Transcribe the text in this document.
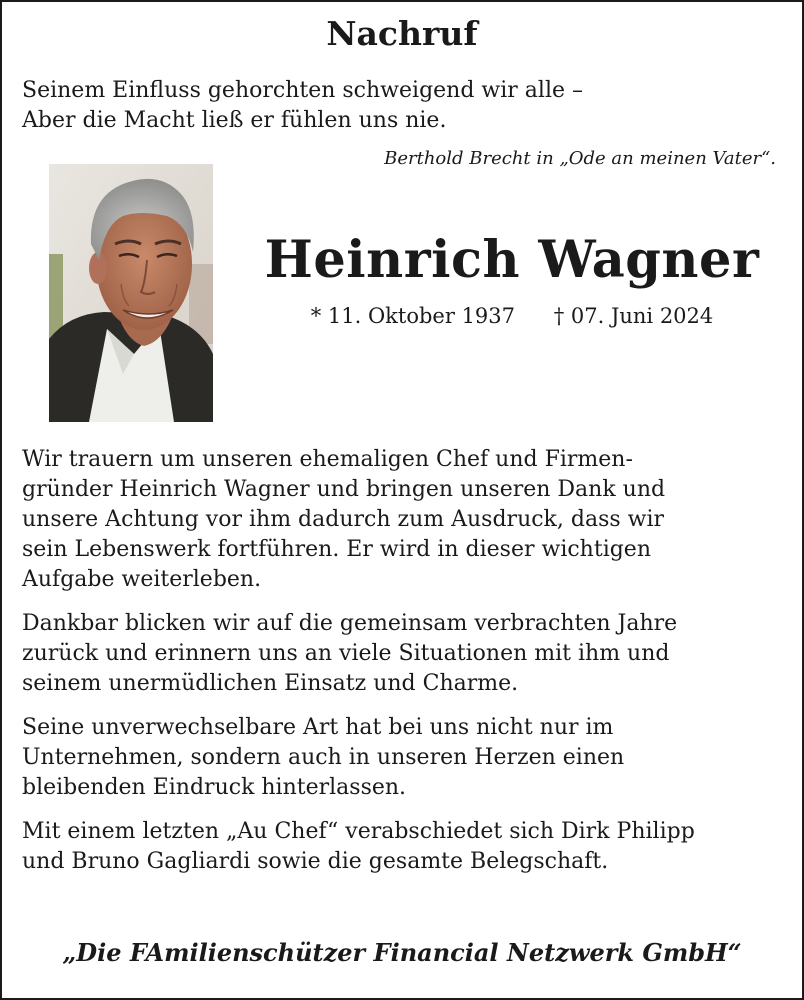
Nachruf
Seinem Einfluss gehorchten schweigend wir alle –
Aber die Macht ließ er fühlen uns nie.
Berthold Brecht in „Ode an meinen Vater“.
Heinrich Wagner
* 11. Oktober 1937 † 07. Juni 2024

Wir trauern um unseren ehemaligen Chef und Firmen-
gründer Heinrich Wagner und bringen unseren Dank und
unsere Achtung vor ihm dadurch zum Ausdruck, dass wir
sein Lebenswerk fortführen. Er wird in dieser wichtigen
Aufgabe weiterleben.

Dankbar blicken wir auf die gemeinsam verbrachten Jahre
zurück und erinnern uns an viele Situationen mit ihm und
seinem unermüdlichen Einsatz und Charme.

Seine unverwechselbare Art hat bei uns nicht nur im
Unternehmen, sondern auch in unseren Herzen einen
bleibenden Eindruck hinterlassen.

Mit einem letzten „Au Chef“ verabschiedet sich Dirk Philipp
und Bruno Gagliardi sowie die gesamte Belegschaft.

„Die FAmilienschützer Financial Netzwerk GmbH“
